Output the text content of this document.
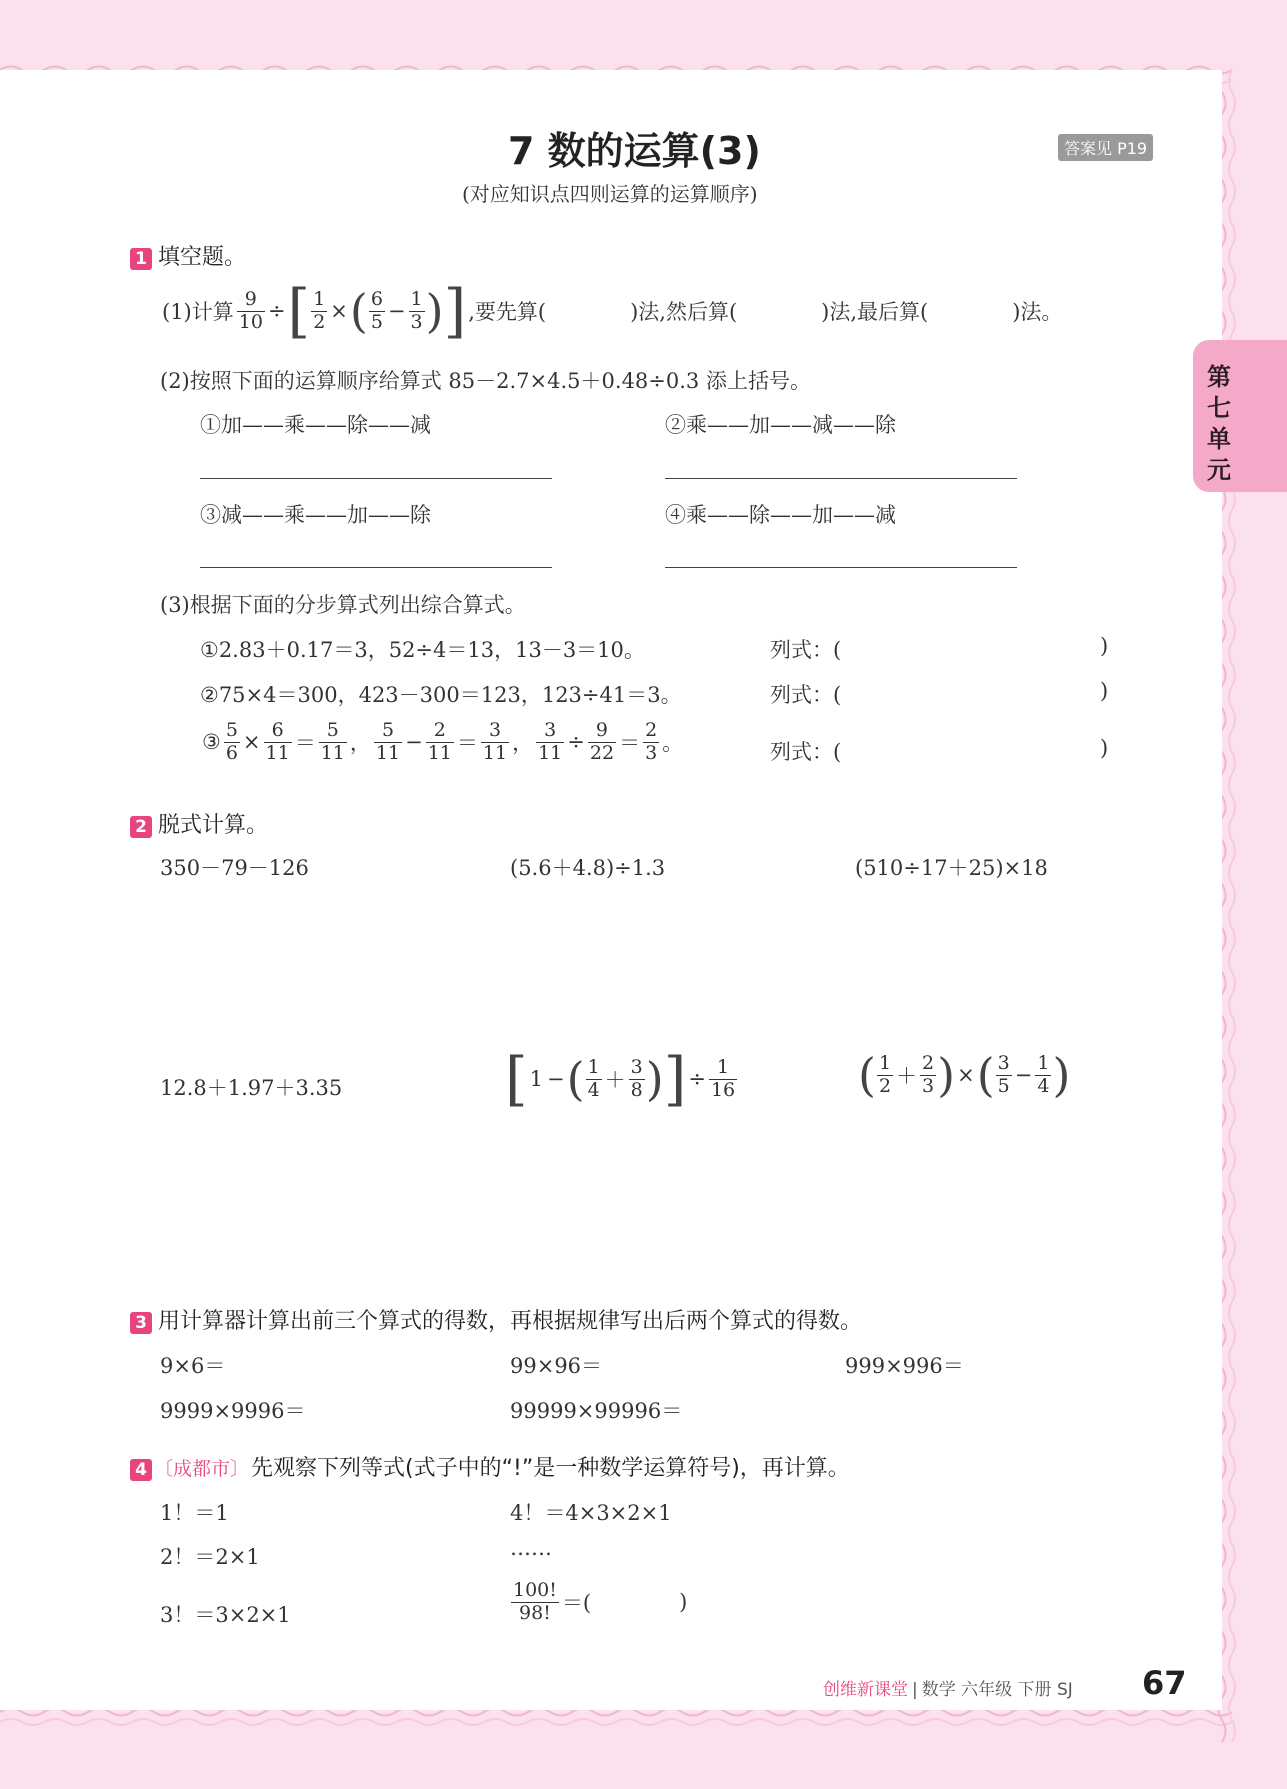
第七单元
7 数的运算(3)
(对应知识点四则运算的运算顺序)
答案见 P19
1 填空题。
(1)计算 $\frac{9}{10}$ ÷[ $\frac{1}{2}$ ×( $\frac{6}{5} - \frac{1}{3}$ )],要先算(	)法,然后算(	)法,最后算(	)法。
(2)按照下面的运算顺序给算式 85－2.7×4.5＋0.48÷0.3 添上括号。
①加——乘——除——减	②乘——加——减——除
③减——乘——加——除	④乘——除——加——减
(3)根据下面的分步算式列出综合算式。
①2.83＋0.17＝3，52÷4＝13，13－3＝10。	列式：(	)
②75×4＝300，423－300＝123，123÷41＝3。	列式：(	)
③ $\frac{5}{6} \times \frac{6}{11} = \frac{5}{11}$ ， $\frac{5}{11} - \frac{2}{11} = \frac{3}{11}$ ， $\frac{3}{11} \div \frac{9}{22} = \frac{2}{3}$ 。	列式：(	)
2 脱式计算。
350－79－126	(5.6＋4.8)÷1.3	(510÷17＋25)×18
12.8＋1.97＋3.35	[1 −( $\frac{1}{4} + \frac{3}{8}$ )]÷ $\frac{1}{16}$	( $\frac{1}{2} + \frac{2}{3}$ )×( $\frac{3}{5} - \frac{1}{4}$ )
3 用计算器计算出前三个算式的得数，再根据规律写出后两个算式的得数。
9×6＝	99×96＝	999×996＝
9999×9996＝	99999×99996＝
4 〔成都市〕先观察下列等式(式子中的“!”是一种数学运算符号)，再计算。
1！＝1	4！＝4×3×2×1
2！＝2×1	……
3！＝3×2×1	$\frac{100!}{98!}$ ＝(	)
创维新课堂 | 数学 六年级 下册 SJ 67
